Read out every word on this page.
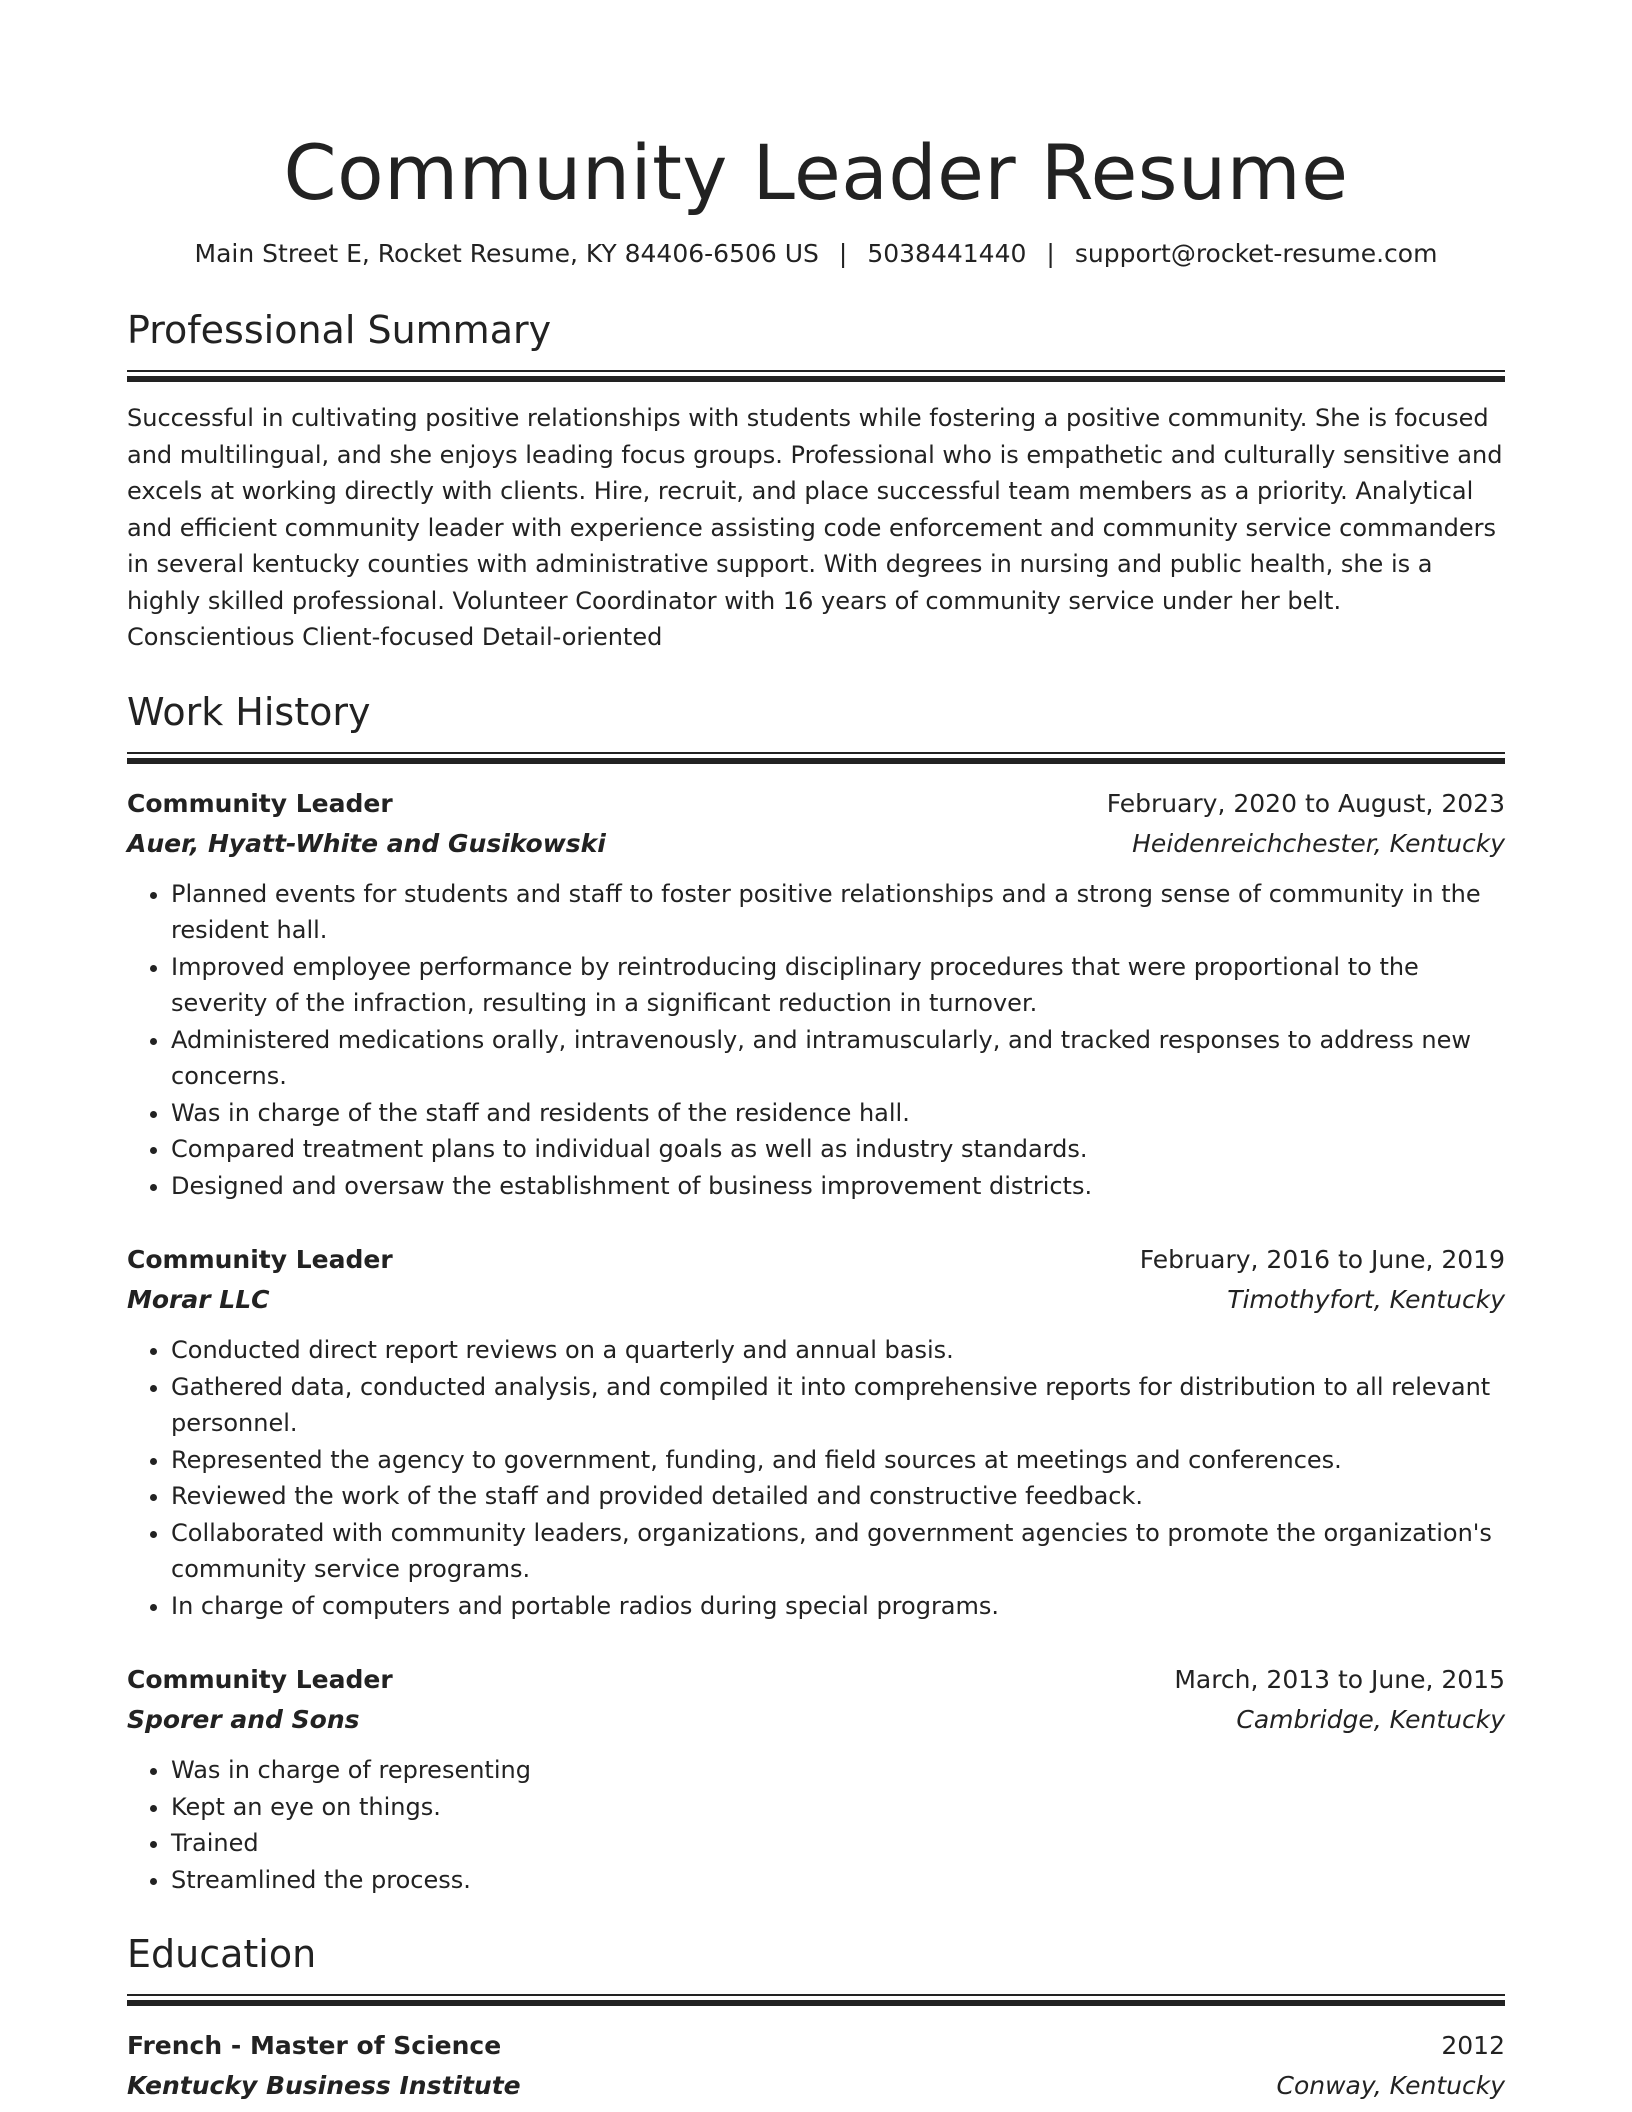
Community Leader Resume
Main Street E, Rocket Resume, KY 84406-6506 US | 5038441440 | support@rocket-resume.com
Professional Summary

Successful in cultivating positive relationships with students while fostering a positive community. She is focused and multilingual, and she enjoys leading focus groups. Professional who is empathetic and culturally sensitive and excels at working directly with clients. Hire, recruit, and place successful team members as a priority. Analytical and efficient community leader with experience assisting code enforcement and community service commanders in several kentucky counties with administrative support. With degrees in nursing and public health, she is a highly skilled professional. Volunteer Coordinator with 16 years of community service under her belt. Conscientious Client-focused Detail-oriented

Work History
Community Leader	February, 2020 to August, 2023
Auer, Hyatt-White and Gusikowski	Heidenreichchester, Kentucky
• Planned events for students and staff to foster positive relationships and a strong sense of community in the resident hall.
• Improved employee performance by reintroducing disciplinary procedures that were proportional to the severity of the infraction, resulting in a significant reduction in turnover.
• Administered medications orally, intravenously, and intramuscularly, and tracked responses to address new concerns.
• Was in charge of the staff and residents of the residence hall.
• Compared treatment plans to individual goals as well as industry standards.
• Designed and oversaw the establishment of business improvement districts.
Community Leader	February, 2016 to June, 2019
Morar LLC	Timothyfort, Kentucky
• Conducted direct report reviews on a quarterly and annual basis.
• Gathered data, conducted analysis, and compiled it into comprehensive reports for distribution to all relevant personnel.
• Represented the agency to government, funding, and field sources at meetings and conferences.
• Reviewed the work of the staff and provided detailed and constructive feedback.
• Collaborated with community leaders, organizations, and government agencies to promote the organization's community service programs.
• In charge of computers and portable radios during special programs.
Community Leader	March, 2013 to June, 2015
Sporer and Sons	Cambridge, Kentucky
• Was in charge of representing
• Kept an eye on things.
• Trained
• Streamlined the process.
Education
French - Master of Science	2012
Kentucky Business Institute	Conway, Kentucky
